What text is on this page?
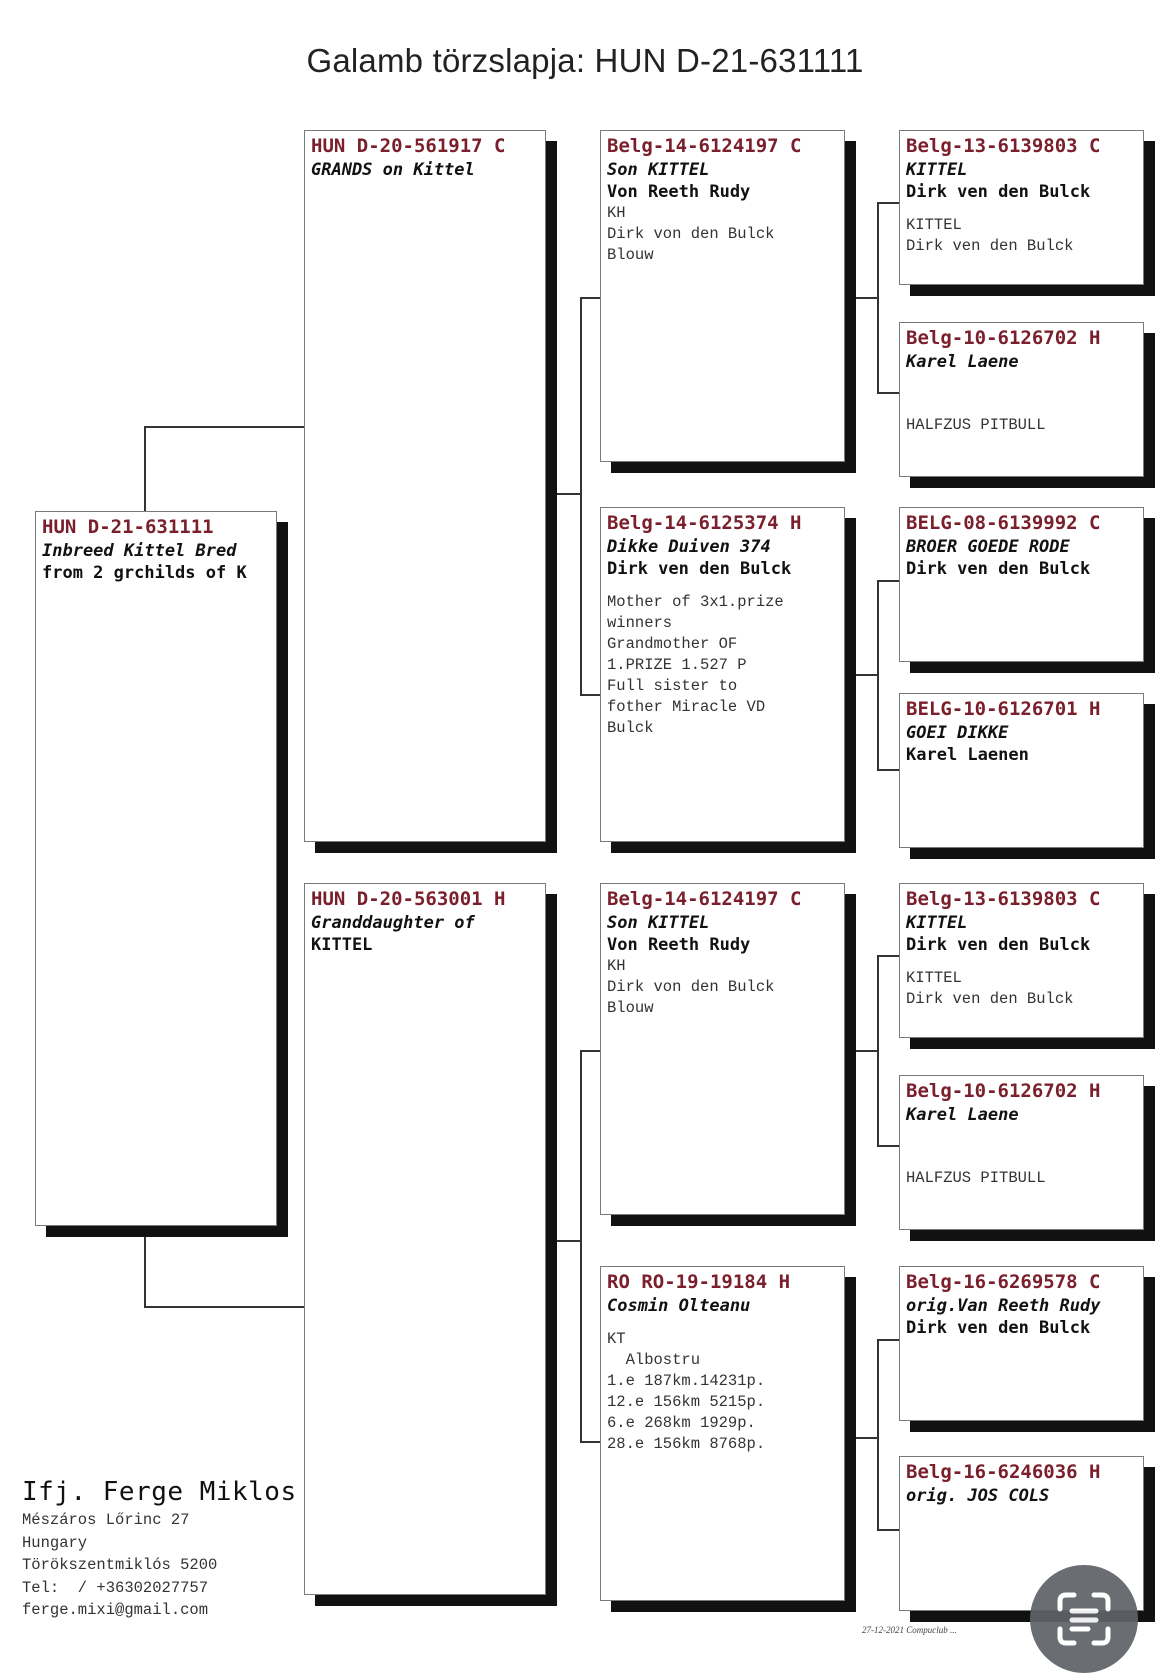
Galamb törzslapja: HUN D-21-631111
HUN D-21-631111
Inbreed Kittel Bred
from 2 grchilds of K
HUN D-20-561917 C
GRANDS on Kittel
HUN D-20-563001 H
Granddaughter of
KITTEL
Belg-14-6124197 C
Son KITTEL
Von Reeth Rudy
KH
Dirk von den Bulck
Blouw
Belg-14-6125374 H
Dikke Duiven 374
Dirk ven den Bulck
Mother of 3x1.prize
winners
Grandmother OF
1.PRIZE 1.527 P
Full sister to
fother Miracle VD
Bulck
Belg-14-6124197 C
Son KITTEL
Von Reeth Rudy
KH
Dirk von den Bulck
Blouw
RO RO-19-19184 H
Cosmin Olteanu
KT
Albostru
1.e 187km.14231p.
12.e 156km 5215p.
6.e 268km 1929p.
28.e 156km 8768p.
Belg-13-6139803 C
KITTEL
Dirk ven den Bulck
KITTEL
Dirk ven den Bulck
Belg-10-6126702 H
Karel Laene
HALFZUS PITBULL
BELG-08-6139992 C
BROER GOEDE RODE
Dirk ven den Bulck
BELG-10-6126701 H
GOEI DIKKE
Karel Laenen
Belg-13-6139803 C
KITTEL
Dirk ven den Bulck
KITTEL
Dirk ven den Bulck
Belg-10-6126702 H
Karel Laene
HALFZUS PITBULL
Belg-16-6269578 C
orig.Van Reeth Rudy
Dirk ven den Bulck
Belg-16-6246036 H
orig. JOS COLS
Ifj. Ferge Miklos
Mészáros Lőrinc 27
Hungary
Törökszentmiklós 5200
Tel:  / +36302027757
ferge.mixi@gmail.com
27-12-2021 Compuclub ...
